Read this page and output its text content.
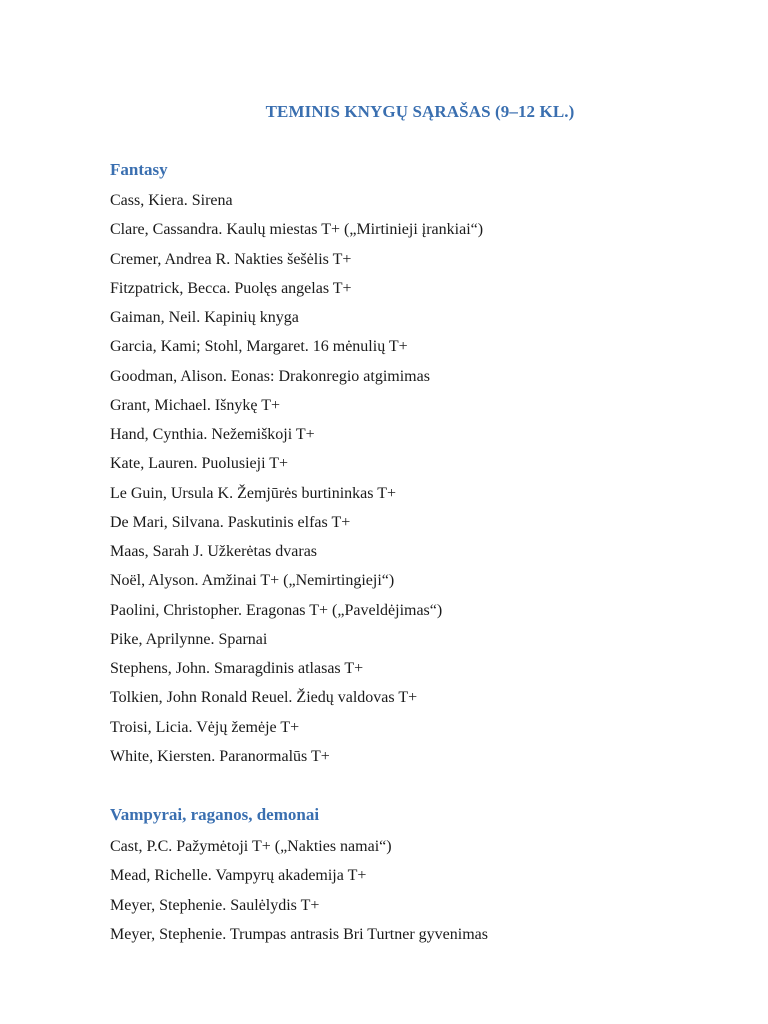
TEMINIS KNYGŲ SĄRAŠAS (9–12 KL.)
Fantasy
Cass, Kiera. Sirena
Clare, Cassandra. Kaulų miestas T+ („Mirtinieji įrankiai“)
Cremer, Andrea R. Nakties šešėlis T+
Fitzpatrick, Becca. Puolęs angelas T+
Gaiman, Neil. Kapinių knyga
Garcia, Kami; Stohl, Margaret. 16 mėnulių T+
Goodman, Alison. Eonas: Drakonregio atgimimas
Grant, Michael. Išnykę T+
Hand, Cynthia. Nežemiškoji T+
Kate, Lauren. Puolusieji T+
Le Guin, Ursula K. Žemjūrės burtininkas T+
De Mari, Silvana. Paskutinis elfas T+
Maas, Sarah J. Užkerėtas dvaras
Noël, Alyson. Amžinai T+ („Nemirtingieji“)
Paolini, Christopher. Eragonas T+ („Paveldėjimas“)
Pike, Aprilynne. Sparnai
Stephens, John. Smaragdinis atlasas T+
Tolkien, John Ronald Reuel. Žiedų valdovas T+
Troisi, Licia. Vėjų žemėje T+
White, Kiersten. Paranormalūs T+
Vampyrai, raganos, demonai
Cast, P.C. Pažymėtoji T+ („Nakties namai“)
Mead, Richelle. Vampyrų akademija T+
Meyer, Stephenie. Saulėlydis T+
Meyer, Stephenie. Trumpas antrasis Bri Turtner gyvenimas
